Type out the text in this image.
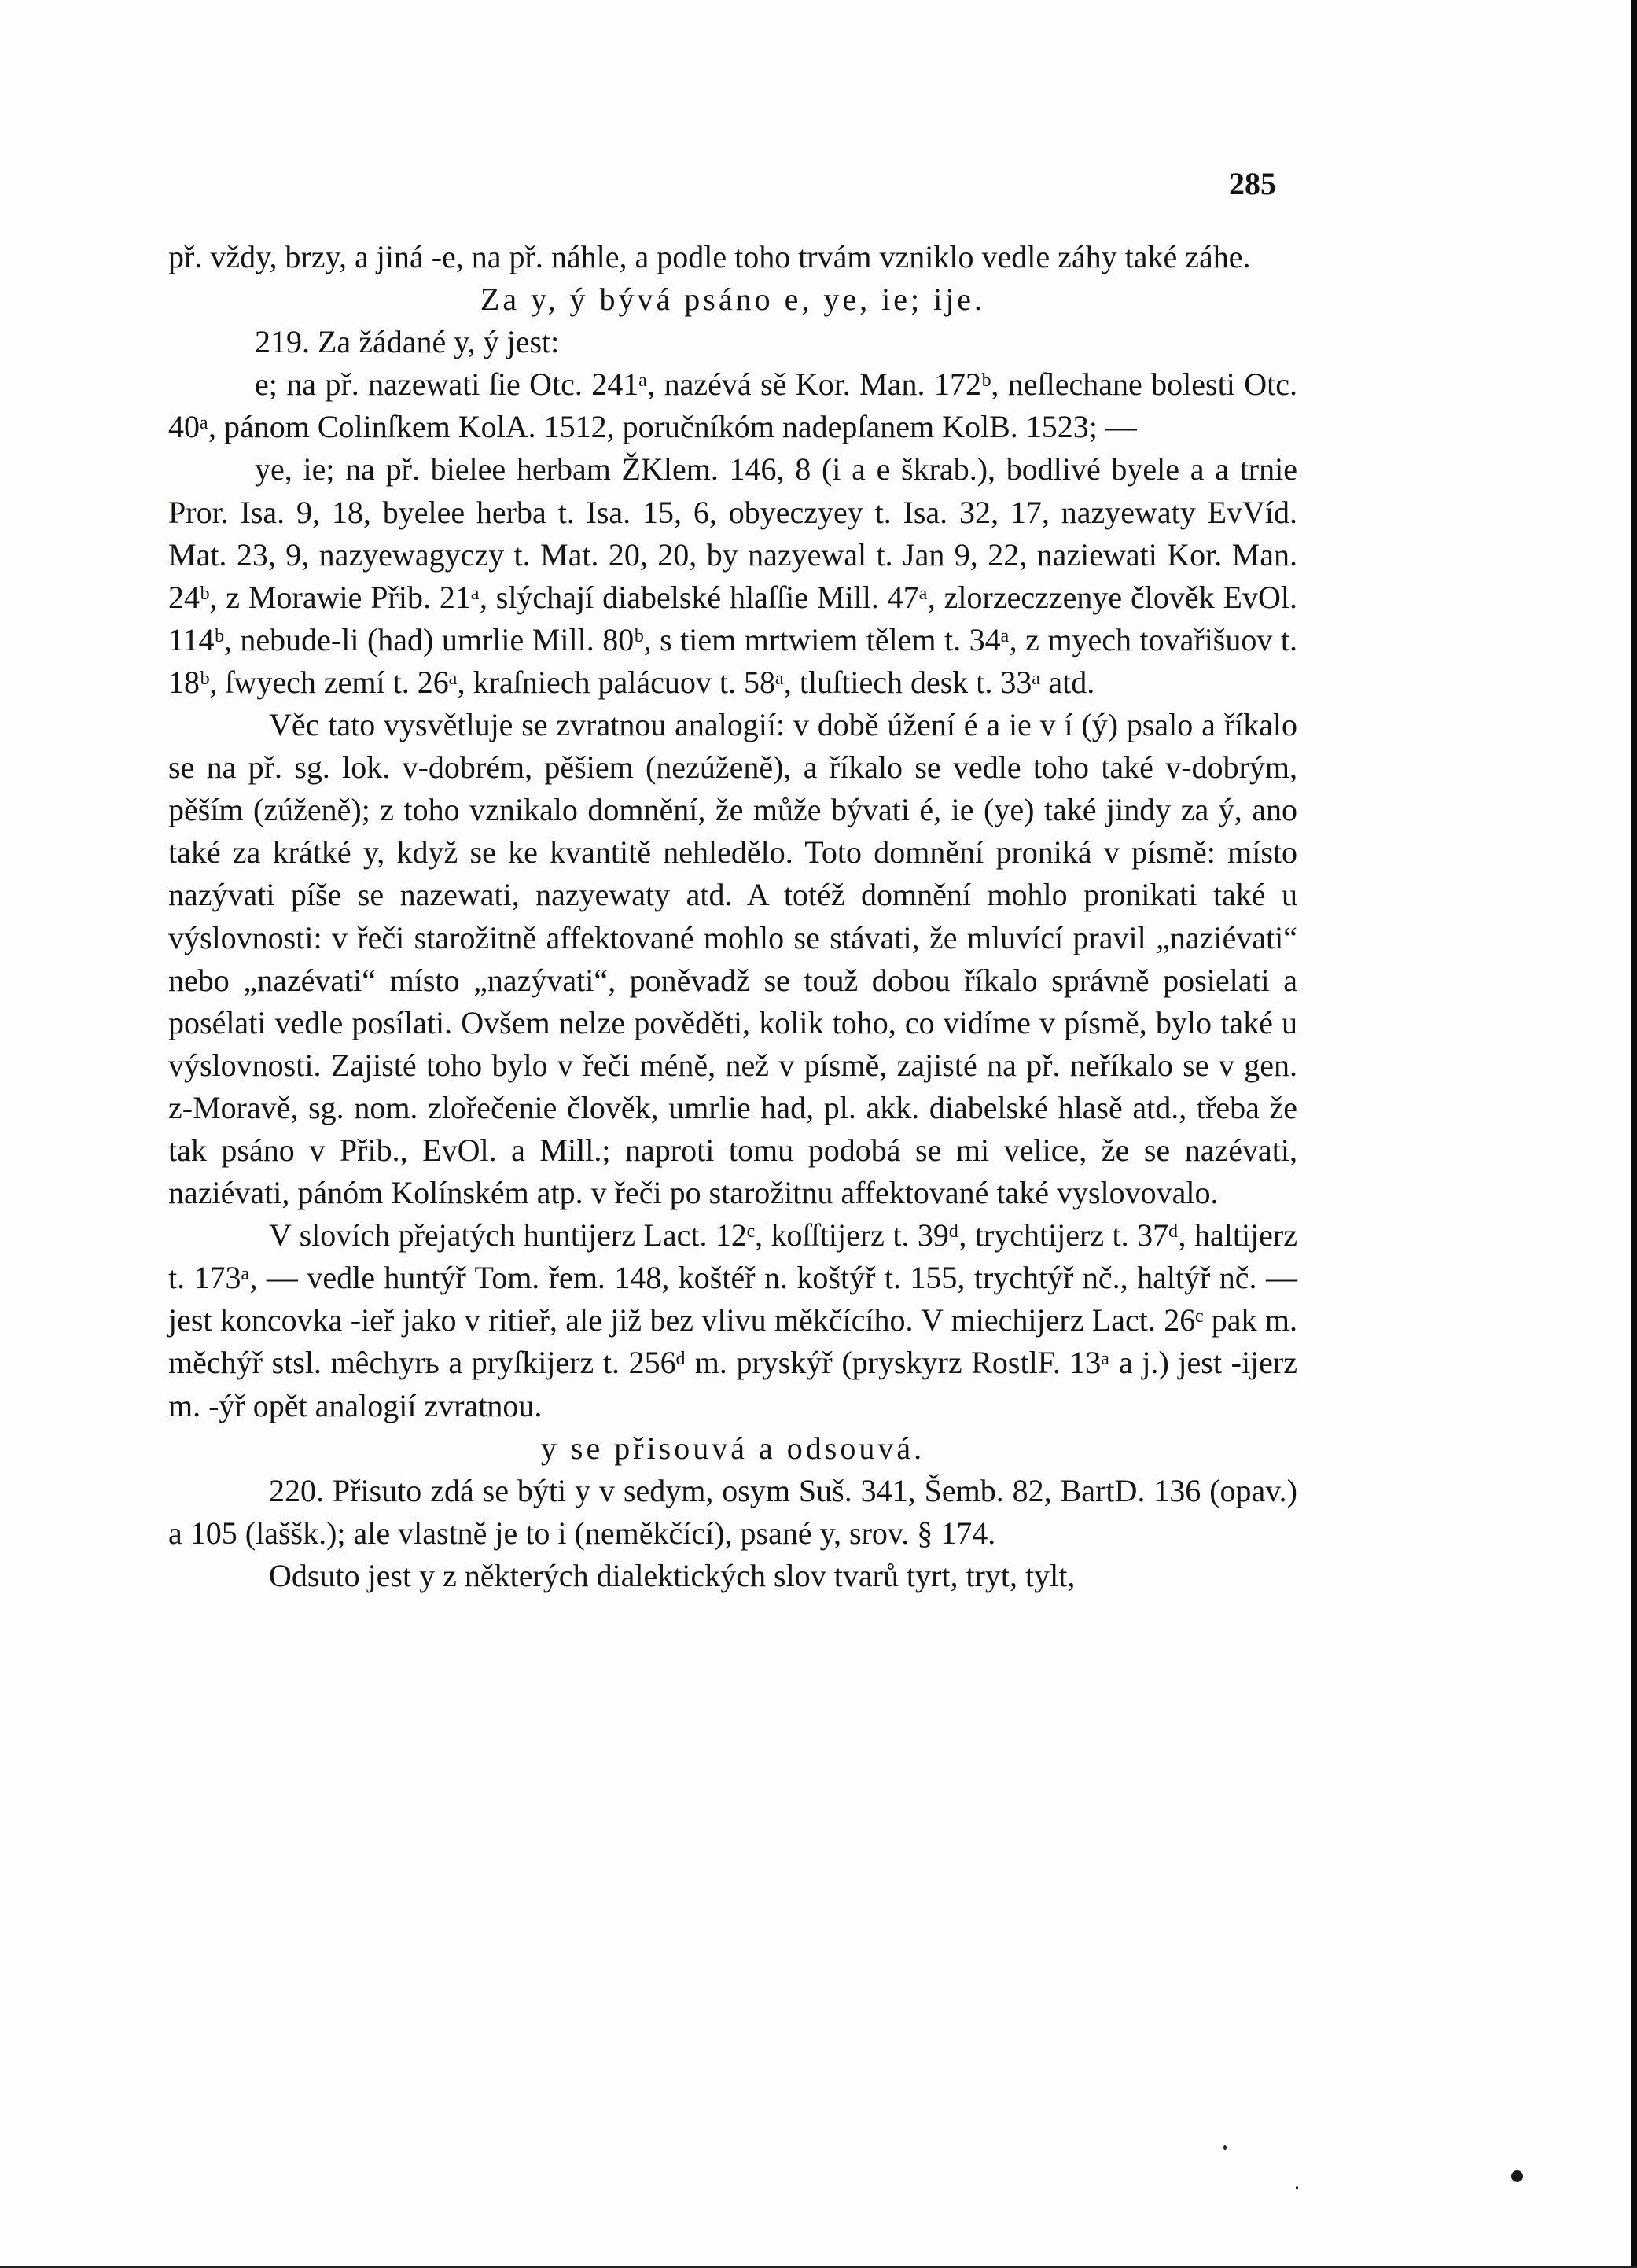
285

př. vždy, brzy, a jiná -e, na př. náhle, a podle toho trvám vzniklo vedle záhy také záhe.

Za y, ý bývá psáno e, ye, ie; ije.

219. Za žádané y, ý jest:

e; na př. nazewati ſie Otc. 241ᵃ, nazévá sě Kor. Man. 172ᵇ, neſlechane bolesti Otc. 40ᵃ, pánom Colinſkem KolA. 1512, poručníkóm nadepſanem KolB. 1523; —

ye, ie; na př. bielee herbam ŽKlem. 146, 8 (i a e škrab.), bodlivé byele a a trnie Pror. Isa. 9, 18, byelee herba t. Isa. 15, 6, obyeczyey t. Isa. 32, 17, nazyewaty EvVíd. Mat. 23, 9, nazyewagyczy t. Mat. 20, 20, by nazyewal t. Jan 9, 22, naziewati Kor. Man. 24ᵇ, z Morawie Přib. 21ᵃ, slýchají diabelské hlaſſie Mill. 47ᵃ, zlorzeczzenye člověk EvOl. 114ᵇ, nebude-li (had) umrlie Mill. 80ᵇ, s tiem mrtwiem tělem t. 34ᵃ, z myech tovařišuov t. 18ᵇ, ſwyech zemí t. 26ᵃ, kraſniech palácuov t. 58ᵃ, tluſtiech desk t. 33ᵃ atd.

Věc tato vysvětluje se zvratnou analogií: v době úžení é a ie v í (ý) psalo a říkalo se na př. sg. lok. v-dobrém, pěšiem (nezúženě), a říkalo se vedle toho také v-dobrým, pěším (zúženě); z toho vznikalo domnění, že může bývati é, ie (ye) také jindy za ý, ano také za krátké y, když se ke kvantitě nehledělo. Toto domnění proniká v písmě: místo nazývati píše se nazewati, nazyewaty atd. A totéž domnění mohlo pronikati také u výslovnosti: v řeči starožitně affektované mohlo se stávati, že mluvící pravil „naziévati“ nebo „nazévati“ místo „nazývati“, poněvadž se touž dobou říkalo správně posielati a posélati vedle posílati. Ovšem nelze pověděti, kolik toho, co vidíme v písmě, bylo také u výslovnosti. Zajisté toho bylo v řeči méně, než v písmě, zajisté na př. neříkalo se v gen. z-Moravě, sg. nom. zlořečenie člověk, umrlie had, pl. akk. diabelské hlasě atd., třeba že tak psáno v Přib., EvOl. a Mill.; naproti tomu podobá se mi velice, že se nazévati, naziévati, pánóm Kolínském atp. v řeči po starožitnu affektované také vyslovovalo.

V slovích přejatých huntijerz Lact. 12ᶜ, koſſtijerz t. 39ᵈ, trychtijerz t. 37ᵈ, haltijerz t. 173ᵃ, — vedle huntýř Tom. řem. 148, koštéř n. koštýř t. 155, trychtýř nč., haltýř nč. — jest koncovka -ieř jako v ritieř, ale již bez vlivu měkčícího. V miechijerz Lact. 26ᶜ pak m. měchýř stsl. mêchyrь a pryſkijerz t. 256ᵈ m. pryskýř (pryskyrz RostlF. 13ᵃ a j.) jest -ijerz m. -ýř opět analogií zvratnou.

y se přisouvá a odsouvá.

220. Přisuto zdá se býti y v sedym, osym Suš. 341, Šemb. 82, BartD. 136 (opav.) a 105 (laššk.); ale vlastně je to i (neměkčící), psané y, srov. § 174.

Odsuto jest y z některých dialektických slov tvarů tyrt, tryt, tylt,
